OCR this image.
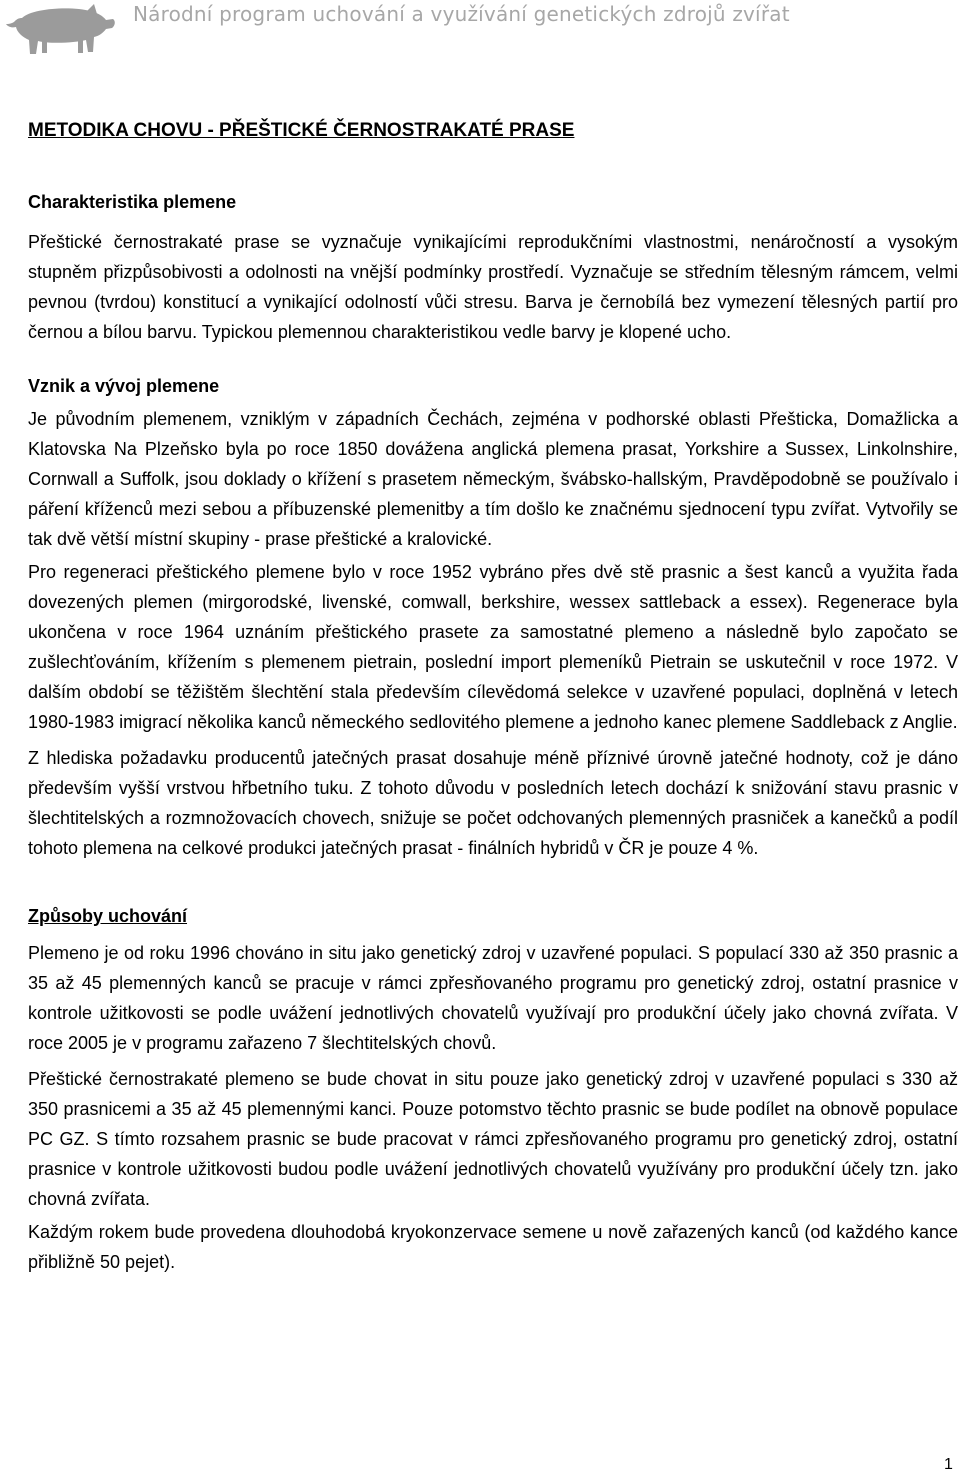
Národní program uchování a využívání genetických zdrojů zvířat
METODIKA CHOVU - PŘEŠTICKÉ ČERNOSTRAKATÉ PRASE
Charakteristika plemene

Přeštické černostrakaté prase se vyznačuje vynikajícími reprodukčními vlastnostmi, nenáročností a vysokým stupněm přizpůsobivosti a odolnosti na vnější podmínky prostředí. Vyznačuje se středním tělesným rámcem, velmi pevnou (tvrdou) konstitucí a vynikající odolností vůči stresu. Barva je černobílá bez vymezení tělesných partií pro černou a bílou barvu. Typickou plemennou charakteristikou vedle barvy je klopené ucho.

Vznik a vývoj plemene

Je původním plemenem, vzniklým v západních Čechách, zejména v podhorské oblasti Přešticka, Domažlicka a Klatovska Na Plzeňsko byla po roce 1850 dovážena anglická plemena prasat, Yorkshire a Sussex, Linkolnshire, Cornwall a Suffolk, jsou doklady o křížení s prasetem německým, švábsko-hallským, Pravděpodobně se používalo i páření kříženců mezi sebou a příbuzenské plemenitby a tím došlo ke značnému sjednocení typu zvířat. Vytvořily se tak dvě větší místní skupiny - prase přeštické a kralovické.

Pro regeneraci přeštického plemene bylo v roce 1952 vybráno přes dvě stě prasnic a šest kanců a využita řada dovezených plemen (mirgorodské, livenské, comwall, berkshire, wessex sattleback a essex). Regenerace byla ukončena v roce 1964 uznáním přeštického prasete za samostatné plemeno a následně bylo započato se zušlechťováním, křížením s plemenem pietrain, poslední import plemeníků Pietrain se uskutečnil v roce 1972. V dalším období se těžištěm šlechtění stala především cílevědomá selekce v uzavřené populaci, doplněná v letech 1980-1983 imigrací několika kanců německého sedlovitého plemene a jednoho kanec plemene Saddleback z Anglie.

Z hlediska požadavku producentů jatečných prasat dosahuje méně příznivé úrovně jatečné hodnoty, což je dáno především vyšší vrstvou hřbetního tuku. Z tohoto důvodu v posledních letech dochází k snižování stavu prasnic v šlechtitelských a rozmnožovacích chovech, snižuje se počet odchovaných plemenných prasniček a kanečků a podíl tohoto plemena na celkové produkci jatečných prasat - finálních hybridů v ČR je pouze 4 %.

Způsoby uchování

Plemeno je od roku 1996 chováno in situ jako genetický zdroj v uzavřené populaci. S populací 330 až 350 prasnic a 35 až 45 plemenných kanců se pracuje v rámci zpřesňovaného programu pro genetický zdroj, ostatní prasnice v kontrole užitkovosti se podle uvážení jednotlivých chovatelů využívají pro produkční účely jako chovná zvířata. V roce 2005 je v programu zařazeno 7 šlechtitelských chovů.

Přeštické černostrakaté plemeno se bude chovat in situ pouze jako genetický zdroj v uzavřené populaci s 330 až 350 prasnicemi a 35 až 45 plemennými kanci. Pouze potomstvo těchto prasnic se bude podílet na obnově populace PC GZ. S tímto rozsahem prasnic se bude pracovat v rámci zpřesňovaného programu pro genetický zdroj, ostatní prasnice v kontrole užitkovosti budou podle uvážení jednotlivých chovatelů využívány pro produkční účely tzn. jako chovná zvířata.

Každým rokem bude provedena dlouhodobá kryokonzervace semene u nově zařazených kanců (od každého kance přibližně 50 pejet).

1
